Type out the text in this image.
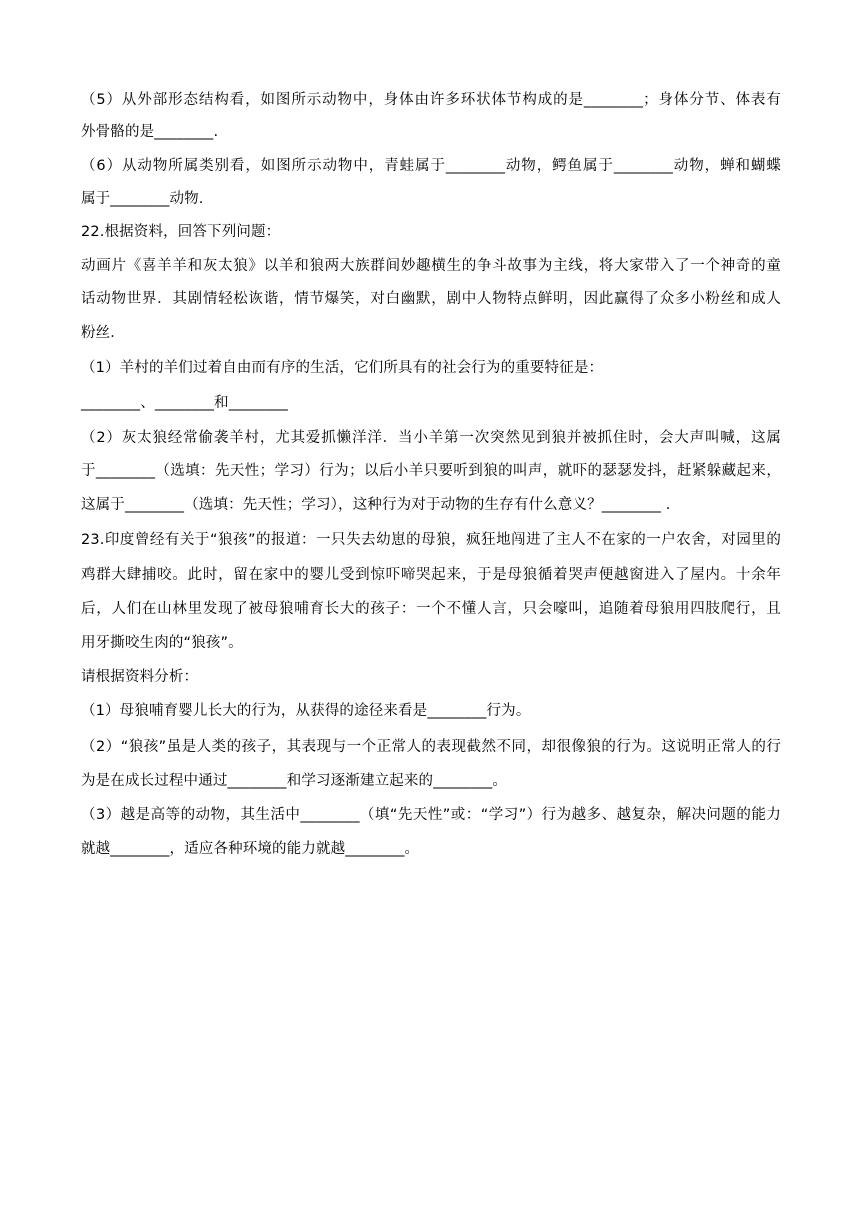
（5）从外部形态结构看，如图所示动物中，身体由许多环状体节构成的是________；身体分节、体表有
外骨骼的是________.
（6）从动物所属类别看，如图所示动物中，青蛙属于________动物，鳄鱼属于________动物，蝉和蝴蝶
属于________动物.
22.根据资料，回答下列问题：
动画片《喜羊羊和灰太狼》以羊和狼两大族群间妙趣横生的争斗故事为主线，将大家带入了一个神奇的童
话动物世界．其剧情轻松诙谐，情节爆笑，对白幽默，剧中人物特点鲜明，因此赢得了众多小粉丝和成人
粉丝．
（1）羊村的羊们过着自由而有序的生活，它们所具有的社会行为的重要特征是：
________、________和________
（2）灰太狼经常偷袭羊村，尤其爱抓懒洋洋．当小羊第一次突然见到狼并被抓住时，会大声叫喊，这属
于________（选填：先天性；学习）行为；以后小羊只要听到狼的叫声，就吓的瑟瑟发抖，赶紧躲藏起来，
这属于________（选填：先天性；学习），这种行为对于动物的生存有什么意义？________ .
23.印度曾经有关于“狼孩”的报道：一只失去幼崽的母狼，疯狂地闯进了主人不在家的一户农舍，对园里的
鸡群大肆捕咬。此时，留在家中的婴儿受到惊吓啼哭起来，于是母狼循着哭声便越窗进入了屋内。十余年
后，人们在山林里发现了被母狼哺育长大的孩子：一个不懂人言，只会嚎叫，追随着母狼用四肢爬行，且
用牙撕咬生肉的“狼孩”。
请根据资料分析：
（1）母狼哺育婴儿长大的行为，从获得的途径来看是________行为。
（2）“狼孩”虽是人类的孩子，其表现与一个正常人的表现截然不同，却很像狼的行为。这说明正常人的行
为是在成长过程中通过________和学习逐渐建立起来的________。
（3）越是高等的动物，其生活中________（填“先天性”或：“学习”）行为越多、越复杂，解决问题的能力
就越________，适应各种环境的能力就越________。
